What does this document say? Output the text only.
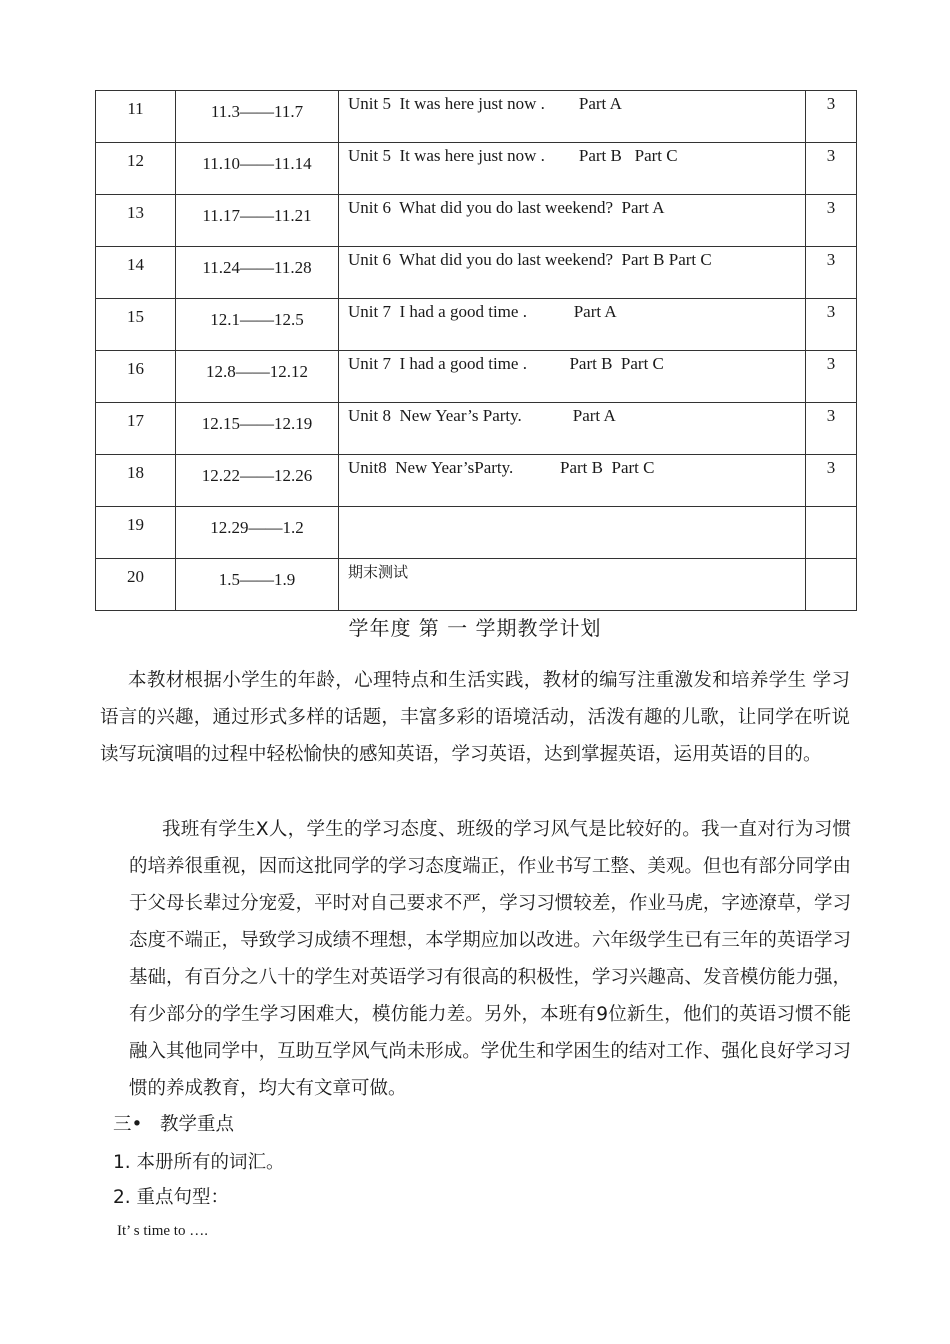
11	11.3——11.7	Unit 5  It was here just now .        Part A	3
12	11.10——11.14	Unit 5  It was here just now .        Part B   Part C	3
13	11.17——11.21	Unit 6  What did you do last weekend?  Part A	3
14	11.24——11.28	Unit 6  What did you do last weekend?  Part B Part C	3
15	12.1——12.5	Unit 7  I had a good time .           Part A	3
16	12.8——12.12	Unit 7  I had a good time .          Part B  Part C	3
17	12.15——12.19	Unit 8  New Year’s Party.            Part A	3
18	12.22——12.26	Unit8  New Year’sParty.           Part B  Part C	3
19	12.29——1.2		
20	1.5——1.9	期末测试	
学年度 第 一 学期教学计划

本教材根据小学生的年龄，心理特点和生活实践，教材的编写注重激发和培养学生 学习语言的兴趣，通过形式多样的话题，丰富多彩的语境活动，活泼有趣的儿歌，让同学在听说读写玩演唱的过程中轻松愉快的感知英语，学习英语，达到掌握英语，运用英语的目的。

我班有学生Ⅹ人，学生的学习态度、班级的学习风气是比较好的。我一直对行为习惯的培养很重视，因而这批同学的学习态度端正，作业书写工整、美观。但也有部分同学由于父母长辈过分宠爱，平时对自己要求不严，学习习惯较差，作业马虎，字迹潦草，学习态度不端正，导致学习成绩不理想，本学期应加以改进。六年级学生已有三年的英语学习基础，有百分之八十的学生对英语学习有很高的积极性，学习兴趣高、发音模仿能力强，有少部分的学生学习困难大，模仿能力差。另外，本班有9位新生，他们的英语习惯不能融入其他同学中，互助互学风气尚未形成。学优生和学困生的结对工作、强化良好学习习惯的养成教育，均大有文章可做。

三•   教学重点
1. 本册所有的词汇。
2. 重点句型：
It’ s time to ….
